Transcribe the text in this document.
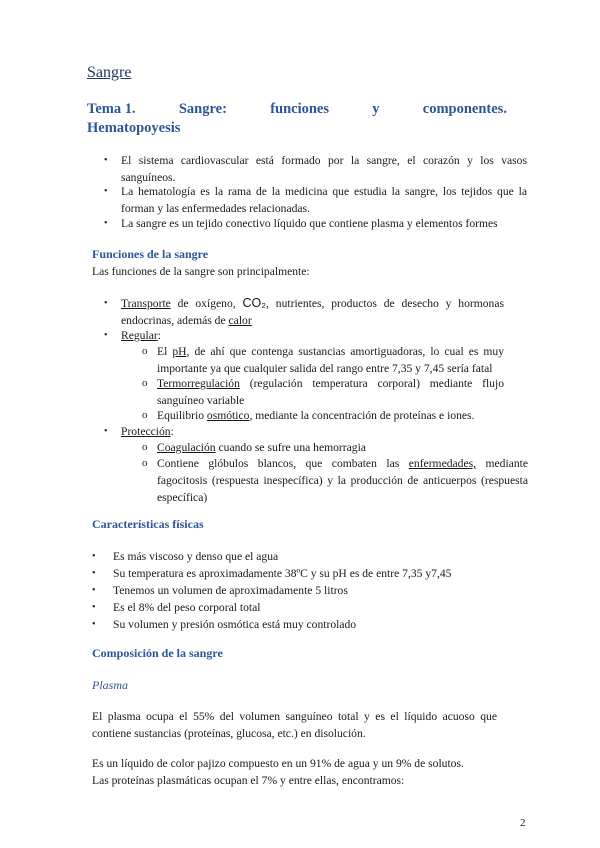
Sangre
Tema 1.	Sangre:	funciones	y	componentes.
Hematopoyesis
• El sistema cardiovascular está formado por la sangre, el corazón y los vasos sanguíneos.
• La hematología es la rama de la medicina que estudia la sangre, los tejidos que la forman y las enfermedades relacionadas.
• La sangre es un tejido conectivo líquido que contiene plasma y elementos formes
Funciones de la sangre
Las funciones de la sangre son principalmente:
• Transporte de oxígeno, CO₂, nutrientes, productos de desecho y hormonas endocrinas, además de calor
• Regular:
o El pH, de ahí que contenga sustancias amortiguadoras, lo cual es muy importante ya que cualquier salida del rango entre 7,35 y 7,45 sería fatal
o Termorregulación (regulación temperatura corporal) mediante flujo sanguíneo variable
o Equilibrio osmótico, mediante la concentración de proteínas e iones.
• Protección:
o Coagulación cuando se sufre una hemorragia
o Contiene glóbulos blancos, que combaten las enfermedades, mediante fagocitosis (respuesta inespecífica) y la producción de anticuerpos (respuesta específica)
Características físicas
• Es más viscoso y denso que el agua
• Su temperatura es aproximadamente 38ºC y su pH es de entre 7,35 y7,45
• Tenemos un volumen de aproximadamente 5 litros
• Es el 8% del peso corporal total
• Su volumen y presión osmótica está muy controlado
Composición de la sangre
Plasma
El plasma ocupa el 55% del volumen sanguíneo total y es el líquido acuoso que contiene sustancias (proteínas, glucosa, etc.) en disolución.
Es un líquido de color pajizo compuesto en un 91% de agua y un 9% de solutos.
Las proteínas plasmáticas ocupan el 7% y entre ellas, encontramos:
2
